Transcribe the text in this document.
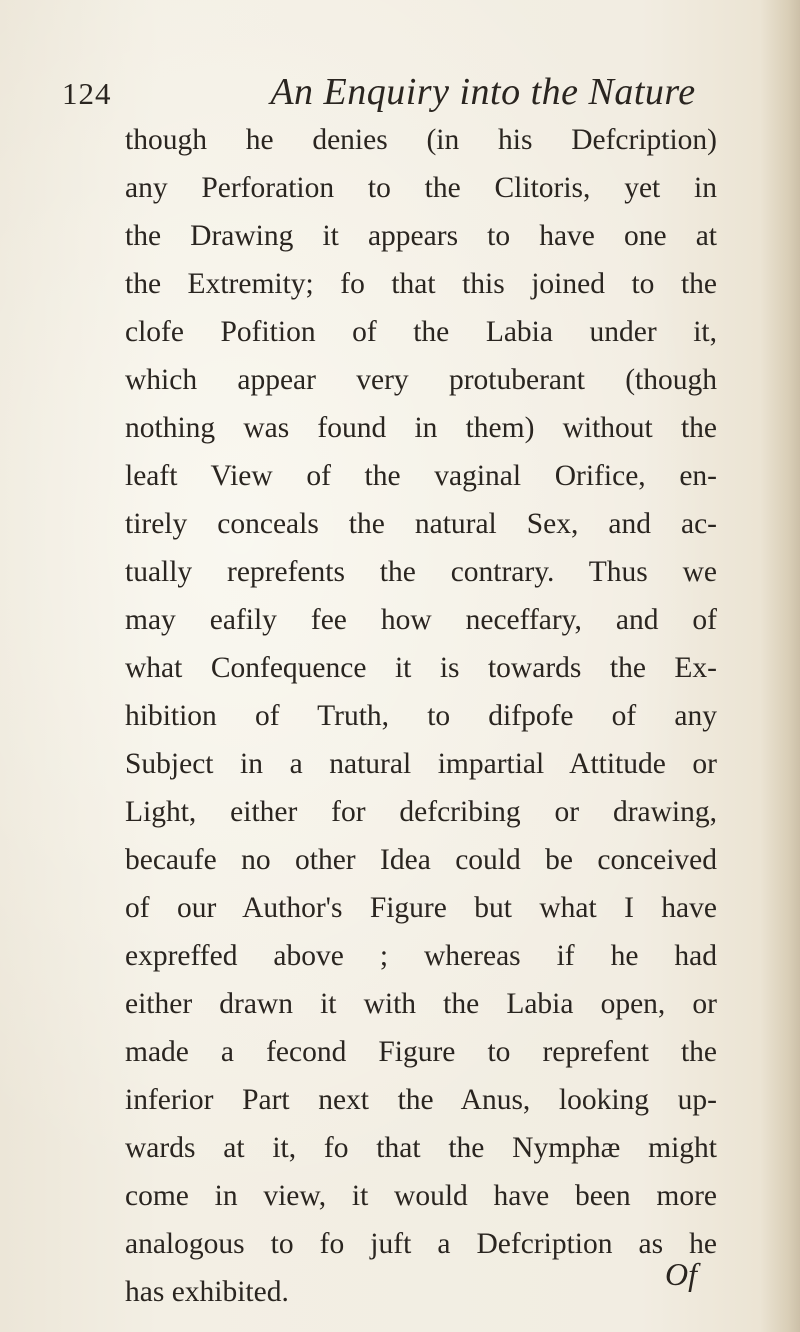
124	An Enquiry into the Nature
though he denies (in his Defcription)
any Perforation to the Clitoris, yet in
the Drawing it appears to have one at
the Extremity; fo that this joined to the
clofe Pofition of the Labia under it,
which appear very protuberant (though
nothing was found in them) without the
leaft View of the vaginal Orifice, en-
tirely conceals the natural Sex, and ac-
tually reprefents the contrary. Thus we
may eafily fee how neceffary, and of
what Confequence it is towards the Ex-
hibition of Truth, to difpofe of any
Subject in a natural impartial Attitude or
Light, either for defcribing or drawing,
becaufe no other Idea could be conceived
of our Author's Figure but what I have
expreffed above ; whereas if he had
either drawn it with the Labia open, or
made a fecond Figure to reprefent the
inferior Part next the Anus, looking up-
wards at it, fo that the Nymphæ might
come in view, it would have been more
analogous to fo juft a Defcription as he
has exhibited.	Of
